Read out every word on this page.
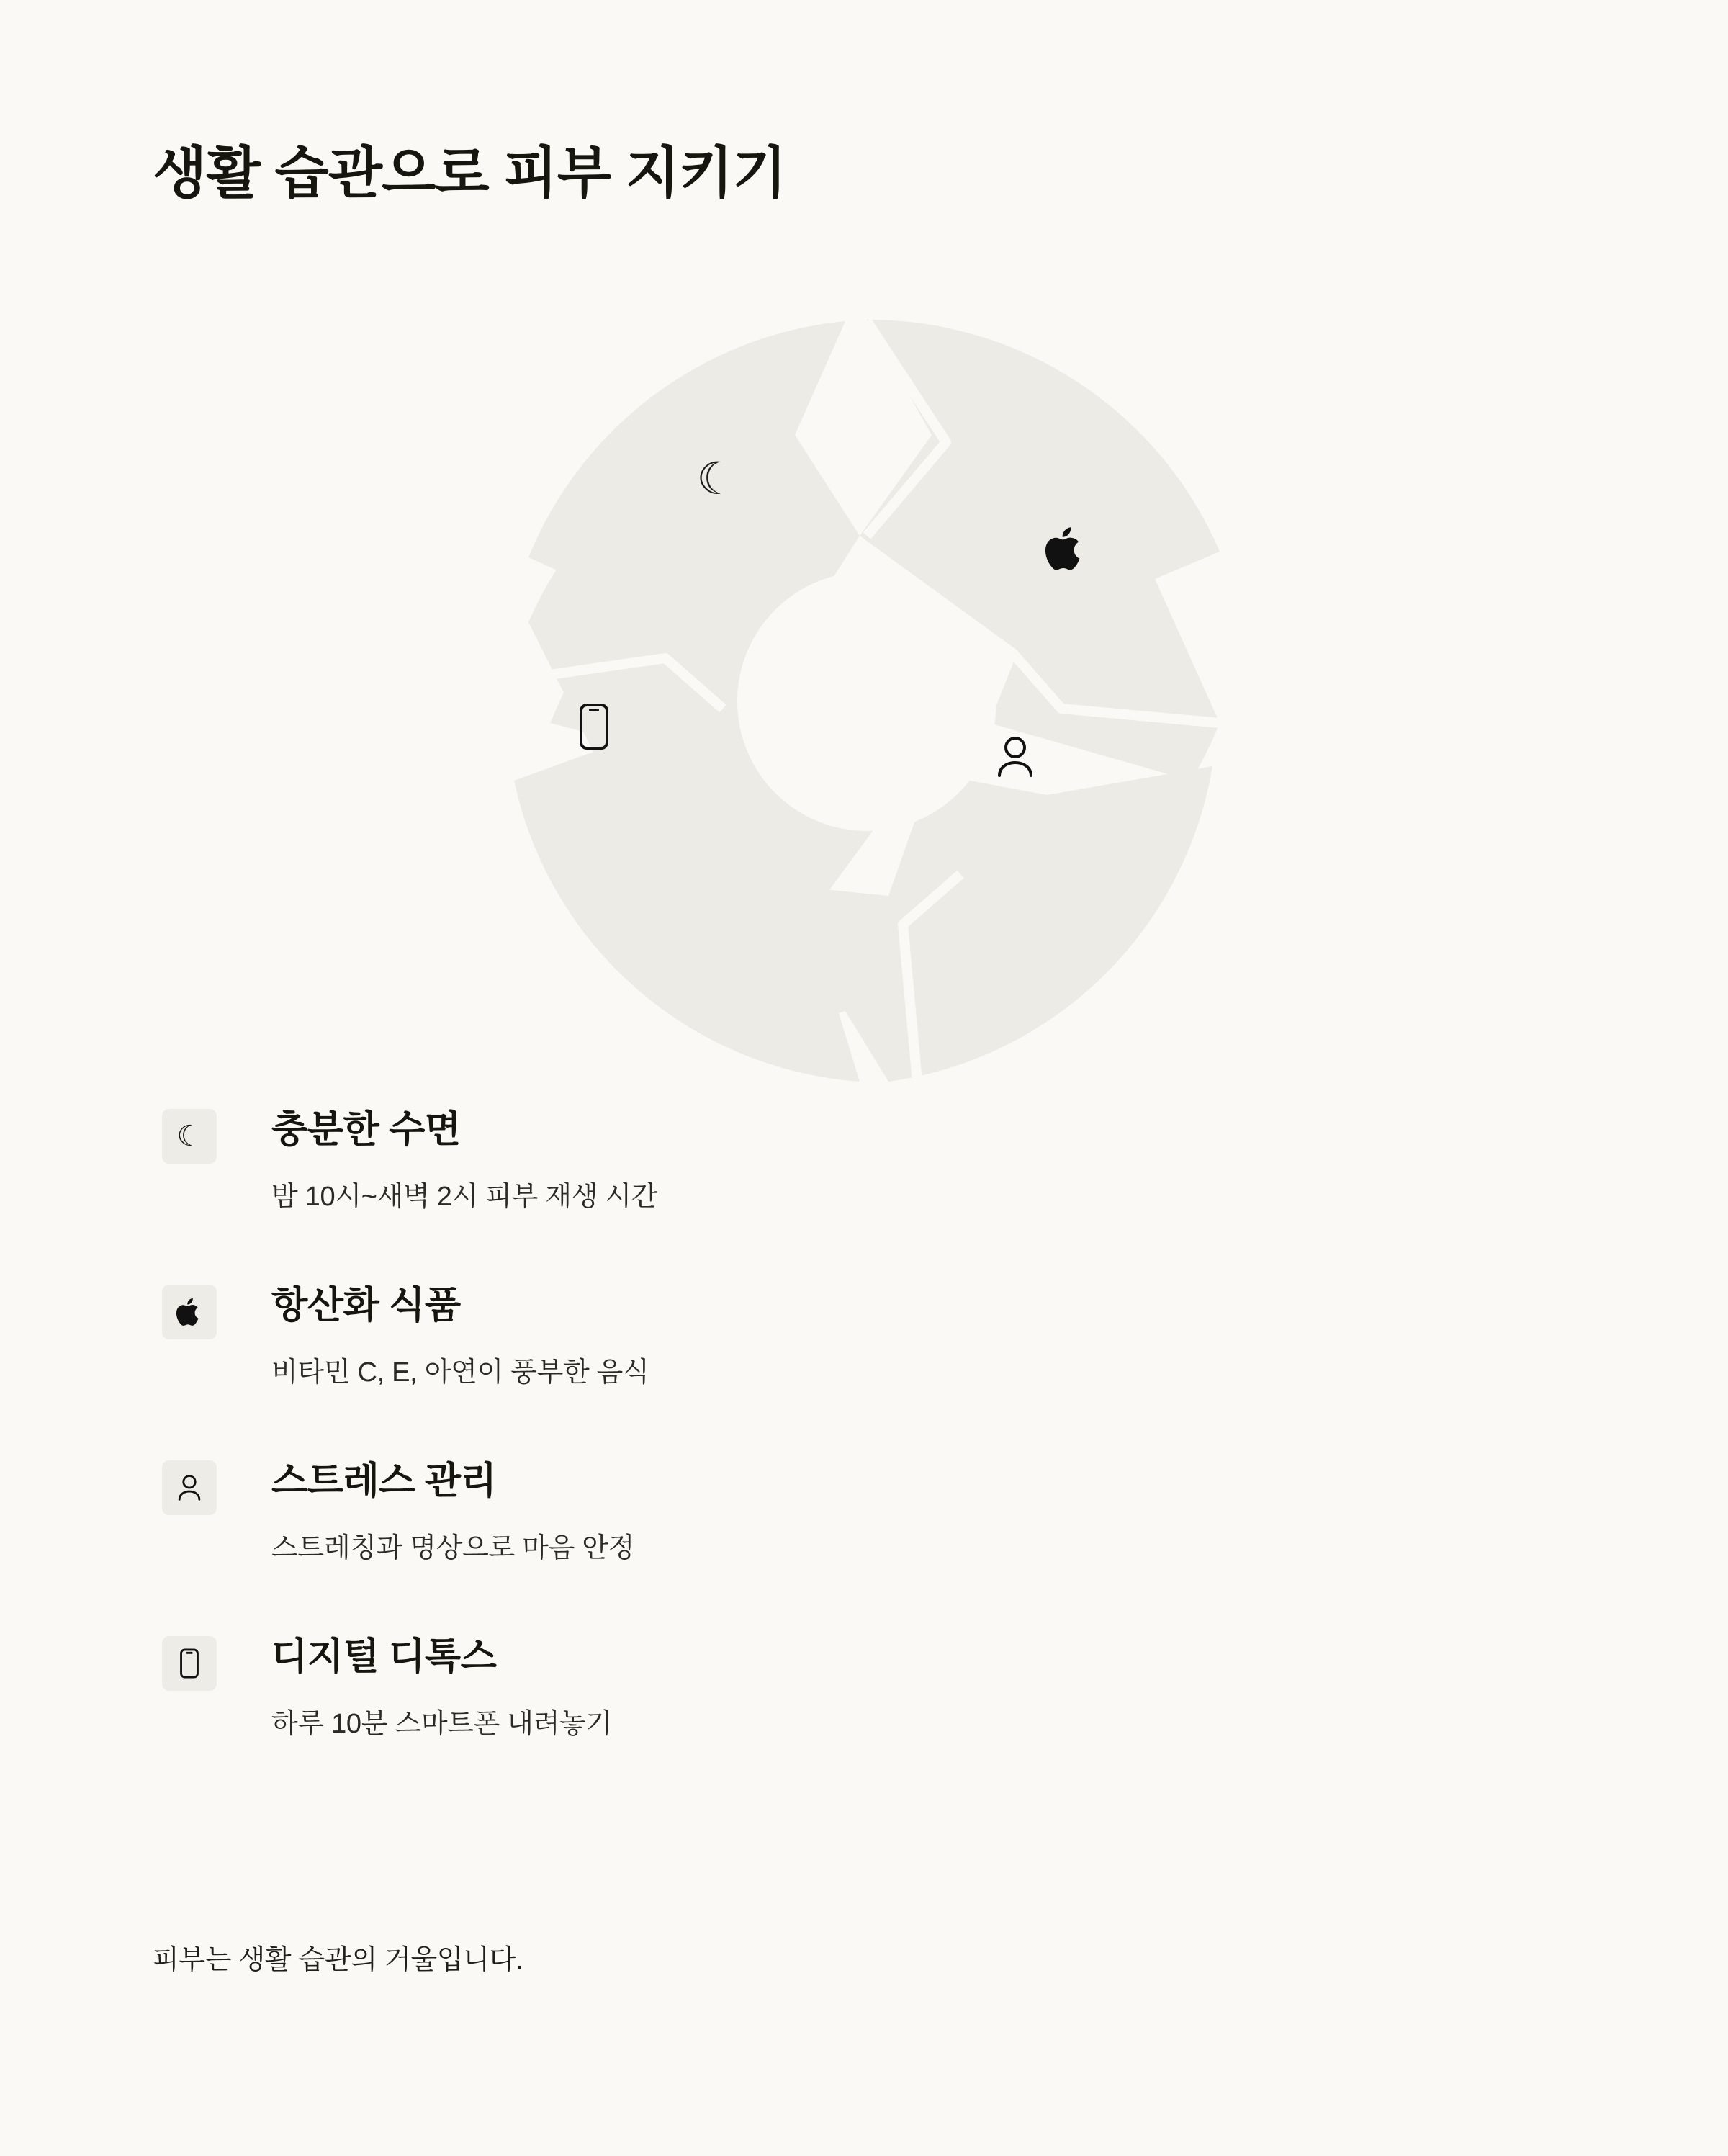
생활 습관으로 피부 지키기
☾
☾	충분한 수면
밤 10시~새벽 2시 피부 재생 시간
항산화 식품
비타민 C, E, 아연이 풍부한 음식
스트레스 관리
스트레칭과 명상으로 마음 안정
디지털 디톡스
하루 10분 스마트폰 내려놓기
피부는 생활 습관의 거울입니다.
